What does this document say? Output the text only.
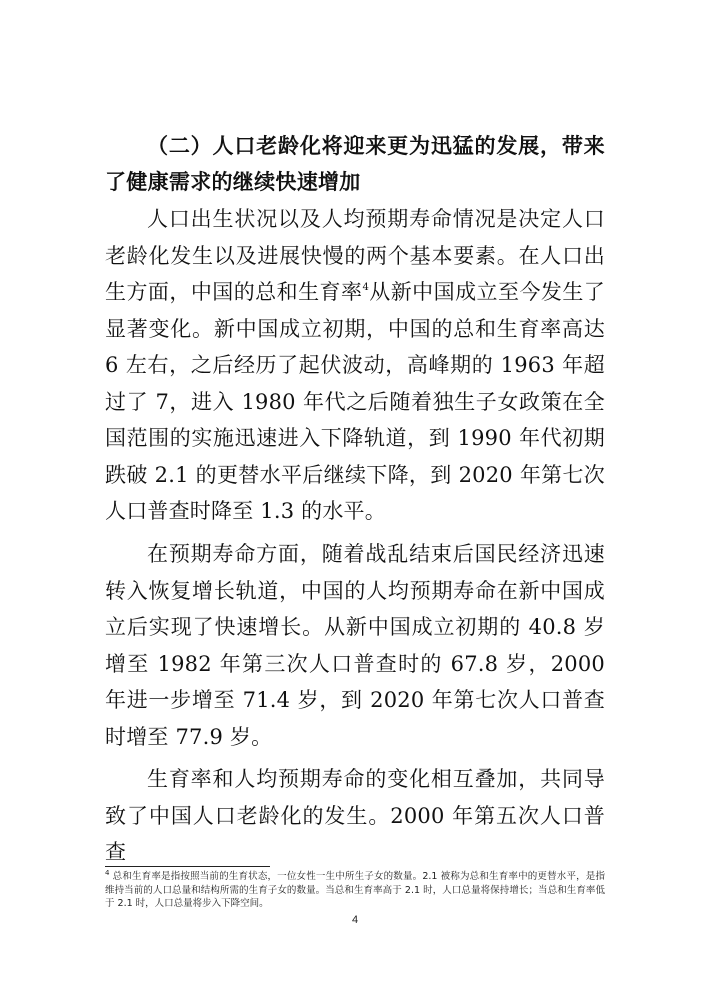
（二）人口老龄化将迎来更为迅猛的发展，带来了健康需求的继续快速增加

人口出生状况以及人均预期寿命情况是决定人口老龄化发生以及进展快慢的两个基本要素。在人口出生方面，中国的总和生育率$^4$从新中国成立至今发生了显著变化。新中国成立初期，中国的总和生育率高达 6 左右，之后经历了起伏波动，高峰期的 1963 年超过了 7，进入 1980 年代之后随着独生子女政策在全国范围的实施迅速进入下降轨道，到 1990 年代初期跌破 2.1 的更替水平后继续下降，到 2020 年第七次人口普查时降至 1.3 的水平。

在预期寿命方面，随着战乱结束后国民经济迅速转入恢复增长轨道，中国的人均预期寿命在新中国成立后实现了快速增长。从新中国成立初期的 40.8 岁增至 1982 年第三次人口普查时的 67.8 岁，2000 年进一步增至 71.4 岁，到 2020 年第七次人口普查时增至 77.9 岁。

生育率和人均预期寿命的变化相互叠加，共同导致了中国人口老龄化的发生。2000 年第五次人口普查

$^4$ 总和生育率是指按照当前的生育状态，一位女性一生中所生子女的数量。2.1 被称为总和生育率中的更替水平，是指维持当前的人口总量和结构所需的生育子女的数量。当总和生育率高于 2.1 时，人口总量将保持增长；当总和生育率低于 2.1 时，人口总量将步入下降空间。
4
